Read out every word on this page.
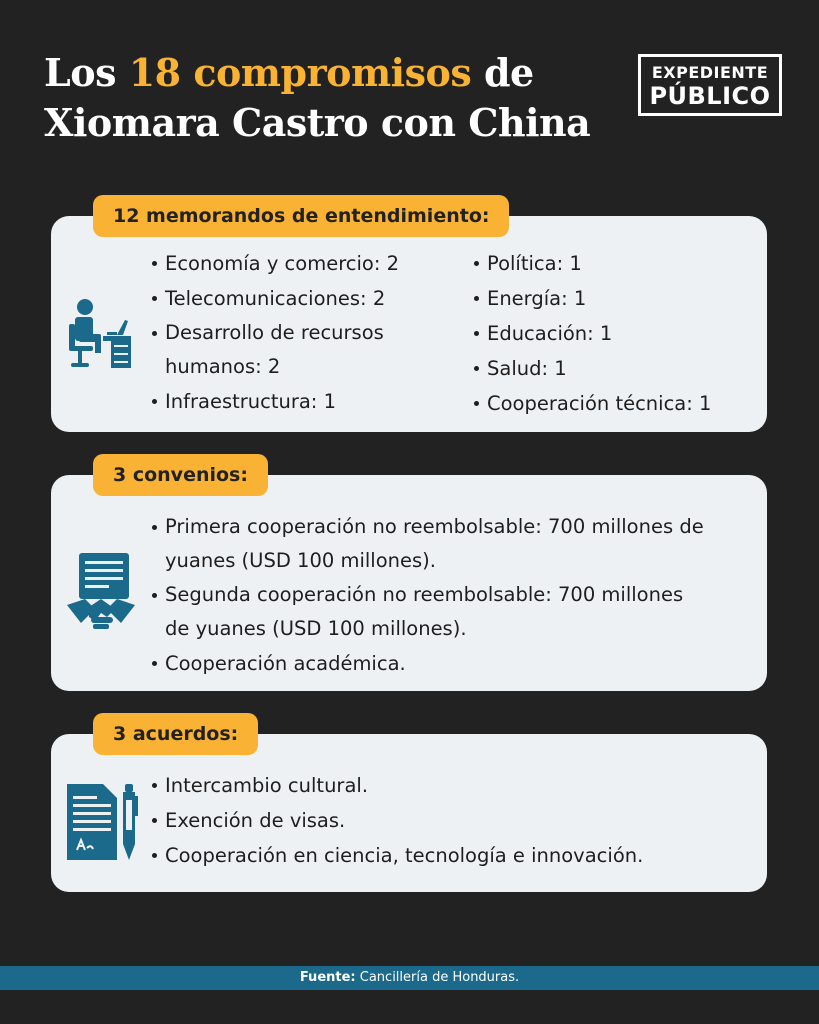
Los 18 compromisos de
Xiomara Castro con China
EXPEDIENTE
PÚBLICO
Economía y comercio: 2
Telecomunicaciones: 2
Desarrollo de recursos humanos: 2
Infraestructura: 1
Política: 1
Energía: 1
Educación: 1
Salud: 1
Cooperación técnica: 1
12 memorandos de entendimiento:
Primera cooperación no reembolsable: 700 millones de yuanes (USD 100 millones).
Segunda cooperación no reembolsable: 700 millones de yuanes (USD 100 millones).
Cooperación académica.
3 convenios:
Intercambio cultural.
Exención de visas.
Cooperación en ciencia, tecnología e innovación.
3 acuerdos:
Fuente: Cancillería de Honduras.
